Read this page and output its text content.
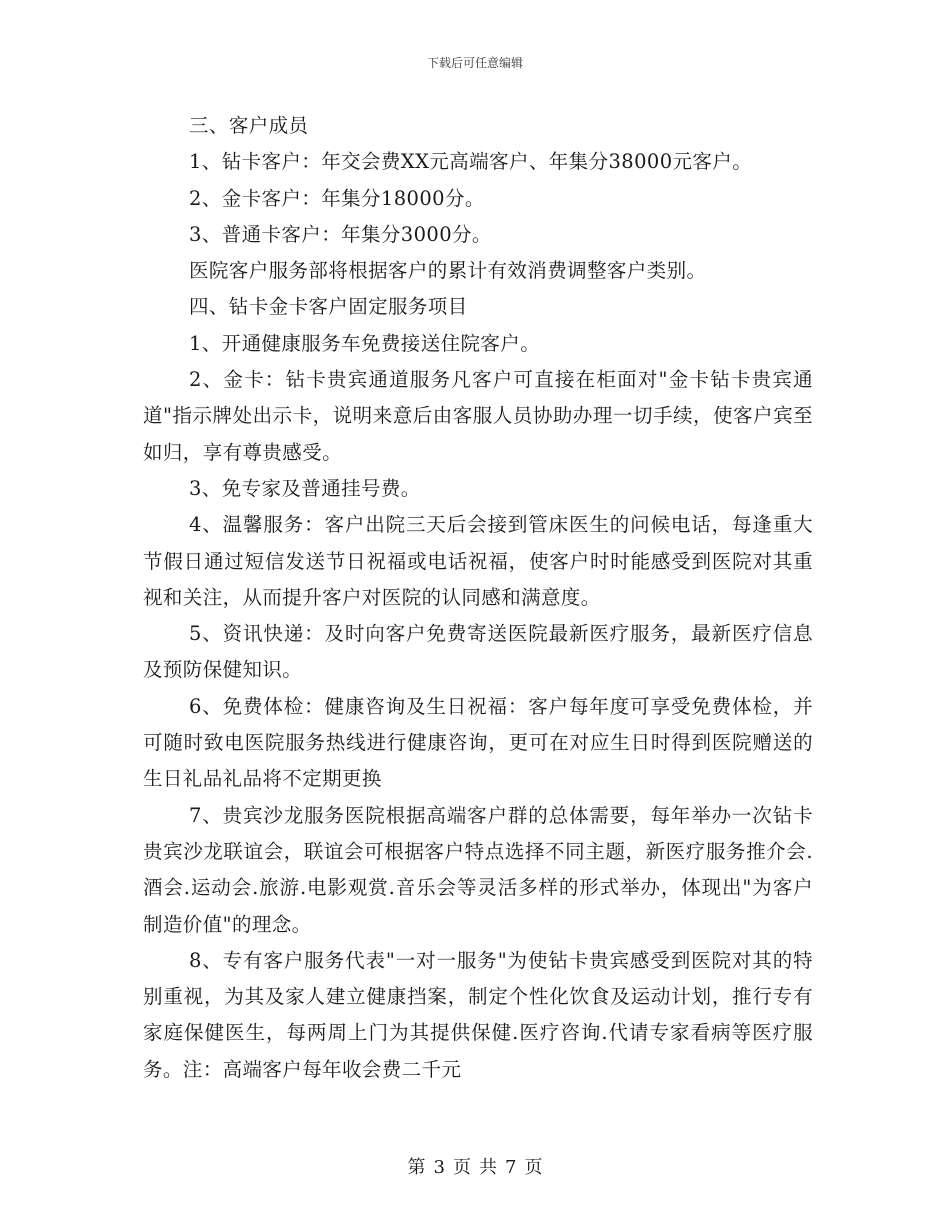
下载后可任意编辑

三、客户成员

1、钻卡客户：年交会费XX元高端客户、年集分38000元客户。

2、金卡客户：年集分18000分。

3、普通卡客户：年集分3000分。

医院客户服务部将根据客户的累计有效消费调整客户类别。

四、钻卡金卡客户固定服务项目

1、开通健康服务车免费接送住院客户。

2、金卡：钻卡贵宾通道服务凡客户可直接在柜面对"金卡钻卡贵宾通道"指示牌处出示卡，说明来意后由客服人员协助办理一切手续，使客户宾至如归，享有尊贵感受。

3、免专家及普通挂号费。

4、温馨服务：客户出院三天后会接到管床医生的问候电话，每逢重大节假日通过短信发送节日祝福或电话祝福，使客户时时能感受到医院对其重视和关注，从而提升客户对医院的认同感和满意度。

5、资讯快递：及时向客户免费寄送医院最新医疗服务，最新医疗信息及预防保健知识。

6、免费体检：健康咨询及生日祝福：客户每年度可享受免费体检，并可随时致电医院服务热线进行健康咨询，更可在对应生日时得到医院赠送的生日礼品礼品将不定期更换

7、贵宾沙龙服务医院根据高端客户群的总体需要，每年举办一次钻卡贵宾沙龙联谊会，联谊会可根据客户特点选择不同主题，新医疗服务推介会.酒会.运动会.旅游.电影观赏.音乐会等灵活多样的形式举办，体现出"为客户制造价值"的理念。

8、专有客户服务代表"一对一服务"为使钻卡贵宾感受到医院对其的特别重视，为其及家人建立健康挡案，制定个性化饮食及运动计划，推行专有家庭保健医生，每两周上门为其提供保健.医疗咨询.代请专家看病等医疗服务。注：高端客户每年收会费二千元

第 3 页 共 7 页
